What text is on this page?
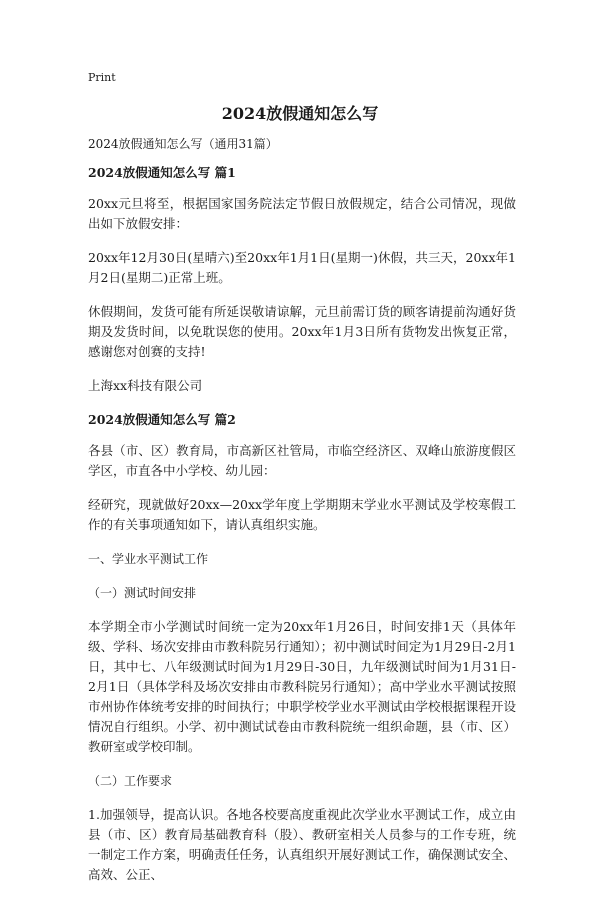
Print
2024放假通知怎么写

2024放假通知怎么写（通用31篇）

2024放假通知怎么写 篇1

20xx元旦将至，根据国家国务院法定节假日放假规定，结合公司情况，现做出如下放假安排：

20xx年12月30日(星晴六)至20xx年1月1日(星期一)休假，共三天，20xx年1月2日(星期二)正常上班。

休假期间，发货可能有所延误敬请谅解，元旦前需订货的顾客请提前沟通好货期及发货时间，以免耽误您的使用。20xx年1月3日所有货物发出恢复正常，感谢您对创赛的支持!

上海xx科技有限公司

2024放假通知怎么写 篇2

各县（市、区）教育局，市高新区社管局，市临空经济区、双峰山旅游度假区学区，市直各中小学校、幼儿园：

经研究，现就做好20xx—20xx学年度上学期期末学业水平测试及学校寒假工作的有关事项通知如下，请认真组织实施。

一、学业水平测试工作

（一）测试时间安排

本学期全市小学测试时间统一定为20xx年1月26日，时间安排1天（具体年级、学科、场次安排由市教科院另行通知）；初中测试时间定为1月29日-2月1日，其中七、八年级测试时间为1月29日-30日，九年级测试时间为1月31日-2月1日（具体学科及场次安排由市教科院另行通知）；高中学业水平测试按照市州协作体统考安排的时间执行；中职学校学业水平测试由学校根据课程开设情况自行组织。小学、初中测试试卷由市教科院统一组织命题，县（市、区）教研室或学校印制。

（二）工作要求

1.加强领导，提高认识。各地各校要高度重视此次学业水平测试工作，成立由县（市、区）教育局基础教育科（股）、教研室相关人员参与的工作专班，统一制定工作方案，明确责任任务，认真组织开展好测试工作，确保测试安全、高效、公正、
